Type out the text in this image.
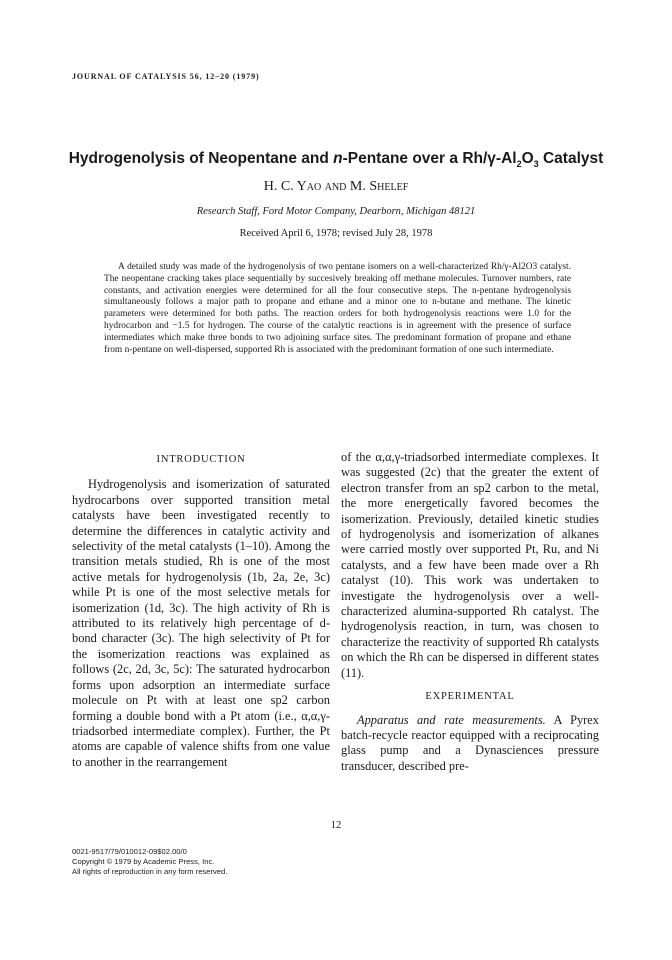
JOURNAL OF CATALYSIS 56, 12–20 (1979)
Hydrogenolysis of Neopentane and n-Pentane over a $Rh/\gamma-Al_2O_3$ Catalyst
H. C. Yao and M. Shelef
Research Staff, Ford Motor Company, Dearborn, Michigan 48121
Received April 6, 1978; revised July 28, 1978

A detailed study was made of the hydrogenolysis of two pentane isomers on a well-characterized Rh/γ-Al2O3 catalyst. The neopentane cracking takes place sequentially by succesively breaking off methane molecules. Turnover numbers, rate constants, and activation energies were determined for all the four consecutive steps. The n-pentane hydrogenolysis simultaneously follows a major path to propane and ethane and a minor one to n-butane and methane. The kinetic parameters were determined for both paths. The reaction orders for both hydrogenolysis reactions were 1.0 for the hydrocarbon and −1.5 for hydrogen. The course of the catalytic reactions is in agreement with the presence of surface intermediates which make three bonds to two adjoining surface sites. The predominant formation of propane and ethane from n-pentane on well-dispersed, supported Rh is associated with the predominant formation of one such intermediate.

INTRODUCTION

Hydrogenolysis and isomerization of saturated hydrocarbons over supported transition metal catalysts have been investigated recently to determine the differences in catalytic activity and selectivity of the metal catalysts (1–10). Among the transition metals studied, Rh is one of the most active metals for hydrogenolysis (1b, 2a, 2e, 3c) while Pt is one of the most selective metals for isomerization (1d, 3c). The high activity of Rh is attributed to its relatively high percentage of d-bond character (3c). The high selectivity of Pt for the isomerization reactions was explained as follows (2c, 2d, 3c, 5c): The saturated hydrocarbon forms upon adsorption an intermediate surface molecule on Pt with at least one sp2 carbon forming a double bond with a Pt atom (i.e., α,α,γ-triadsorbed intermediate complex). Further, the Pt atoms are capable of valence shifts from one value to another in the rearrangement

of the α,α,γ-triadsorbed intermediate complexes. It was suggested (2c) that the greater the extent of electron transfer from an sp2 carbon to the metal, the more energetically favored becomes the isomerization. Previously, detailed kinetic studies of hydrogenolysis and isomerization of alkanes were carried mostly over supported Pt, Ru, and Ni catalysts, and a few have been made over a Rh catalyst (10). This work was undertaken to investigate the hydrogenolysis over a well-characterized alumina-supported Rh catalyst. The hydrogenolysis reaction, in turn, was chosen to characterize the reactivity of supported Rh catalysts on which the Rh can be dispersed in different states (11).

EXPERIMENTAL

Apparatus and rate measurements. A Pyrex batch-recycle reactor equipped with a reciprocating glass pump and a Dynasciences pressure transducer, described pre-

12
0021-9517/79/010012-09$02.00/0
Copyright © 1979 by Academic Press, Inc.
All rights of reproduction in any form reserved.
